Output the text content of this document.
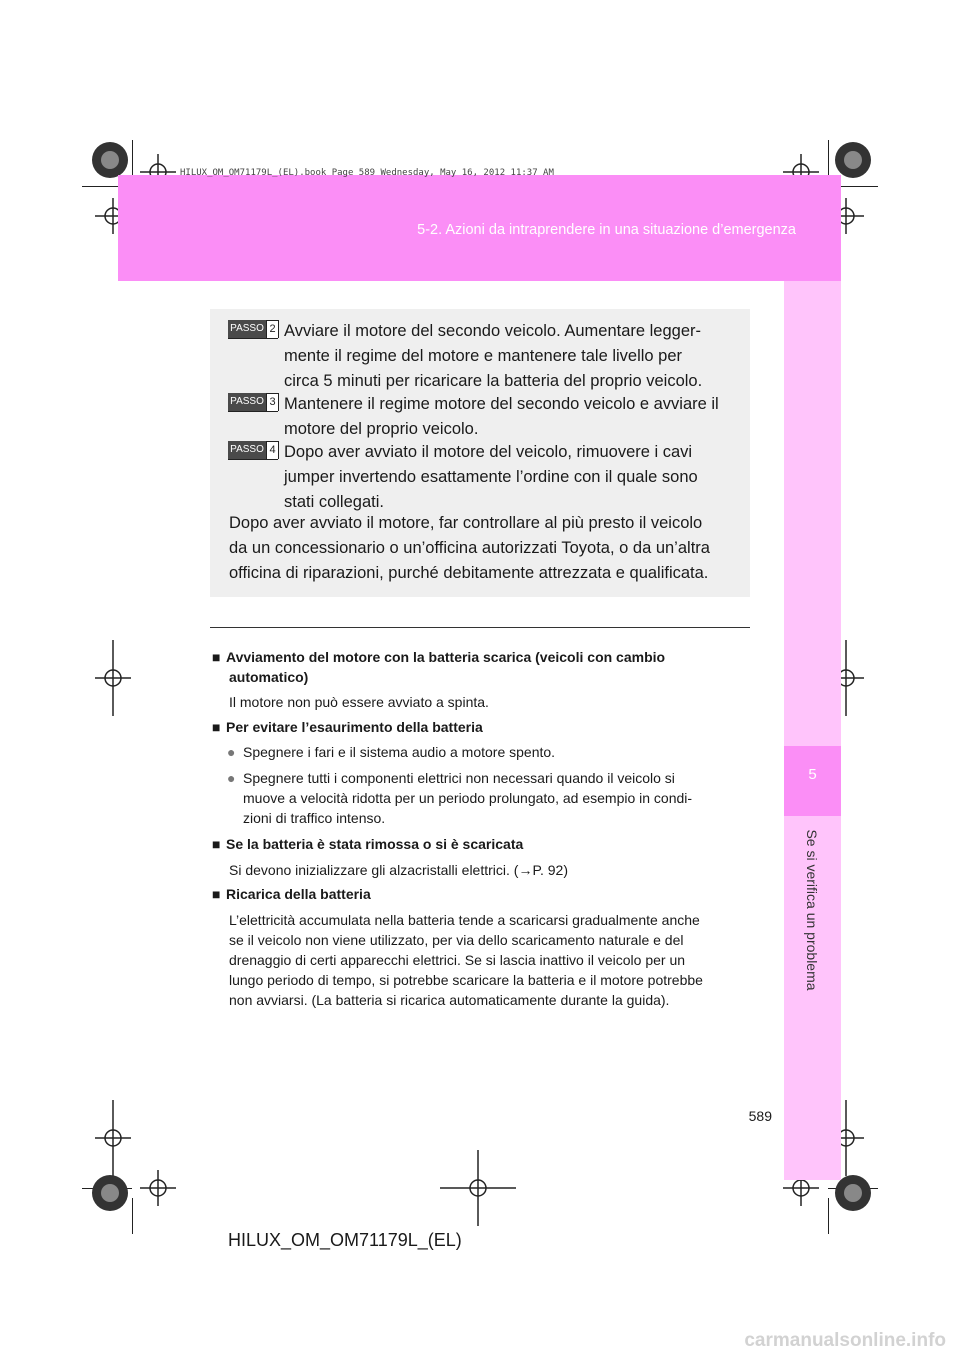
HILUX_OM_OM71179L_(EL).book Page 589 Wednesday, May 16, 2012 11:37 AM
5-2. Azioni da intraprendere in una situazione d’emergenza
5
Se si verifica un problema
PASSO 2 Avviare il motore del secondo veicolo. Aumentare legger-
mente il regime del motore e mantenere tale livello per
circa 5 minuti per ricaricare la batteria del proprio veicolo.
PASSO 3 Mantenere il regime motore del secondo veicolo e avviare il
motore del proprio veicolo.
PASSO 4 Dopo aver avviato il motore del veicolo, rimuovere i cavi
jumper invertendo esattamente l’ordine con il quale sono
stati collegati.
Dopo aver avviato il motore, far controllare al più presto il veicolo
da un concessionario o un’officina autorizzati Toyota, o da un’altra
officina di riparazioni, purché debitamente attrezzata e qualificata.
■ Avviamento del motore con la batteria scarica (veicoli con cambio
automatico)
Il motore non può essere avviato a spinta.
■ Per evitare l’esaurimento della batteria
● Spegnere i fari e il sistema audio a motore spento.
● Spegnere tutti i componenti elettrici non necessari quando il veicolo si
muove a velocità ridotta per un periodo prolungato, ad esempio in condi-
zioni di traffico intenso.
■ Se la batteria è stata rimossa o si è scaricata
Si devono inizializzare gli alzacristalli elettrici. (→P. 92)
■ Ricarica della batteria
L’elettricità accumulata nella batteria tende a scaricarsi gradualmente anche
se il veicolo non viene utilizzato, per via dello scaricamento naturale e del
drenaggio di certi apparecchi elettrici. Se si lascia inattivo il veicolo per un
lungo periodo di tempo, si potrebbe scaricare la batteria e il motore potrebbe
non avviarsi. (La batteria si ricarica automaticamente durante la guida).
589
HILUX_OM_OM71179L_(EL)
carmanualsonline.info
